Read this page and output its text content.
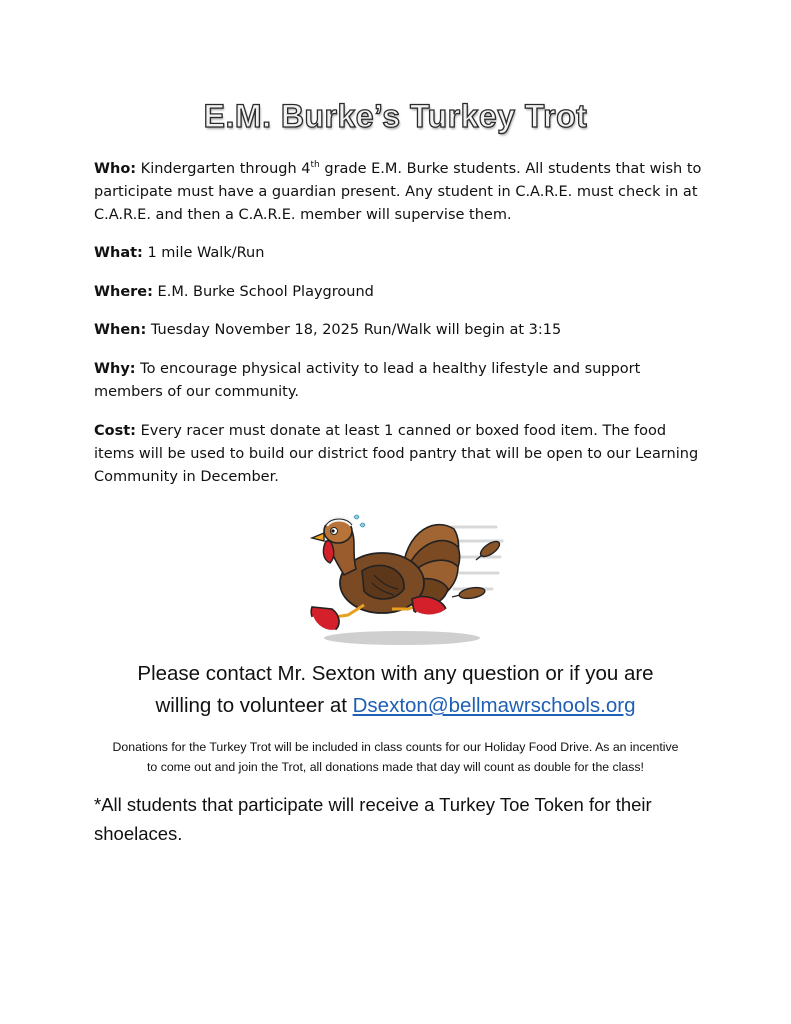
E.M. Burke’s Turkey Trot
Who: Kindergarten through 4th grade E.M. Burke students. All students that wish to participate must have a guardian present. Any student in C.A.R.E. must check in at C.A.R.E. and then a C.A.R.E. member will supervise them.
What: 1 mile Walk/Run
Where: E.M. Burke School Playground
When: Tuesday November 18, 2025 Run/Walk will begin at 3:15
Why: To encourage physical activity to lead a healthy lifestyle and support members of our community.
Cost: Every racer must donate at least 1 canned or boxed food item. The food items will be used to build our district food pantry that will be open to our Learning Community in December.
Please contact Mr. Sexton with any question or if you are
willing to volunteer at Dsexton@bellmawrschools.org
Donations for the Turkey Trot will be included in class counts for our Holiday Food Drive. As an incentive
to come out and join the Trot, all donations made that day will count as double for the class!
*All students that participate will receive a Turkey Toe Token for their shoelaces.
